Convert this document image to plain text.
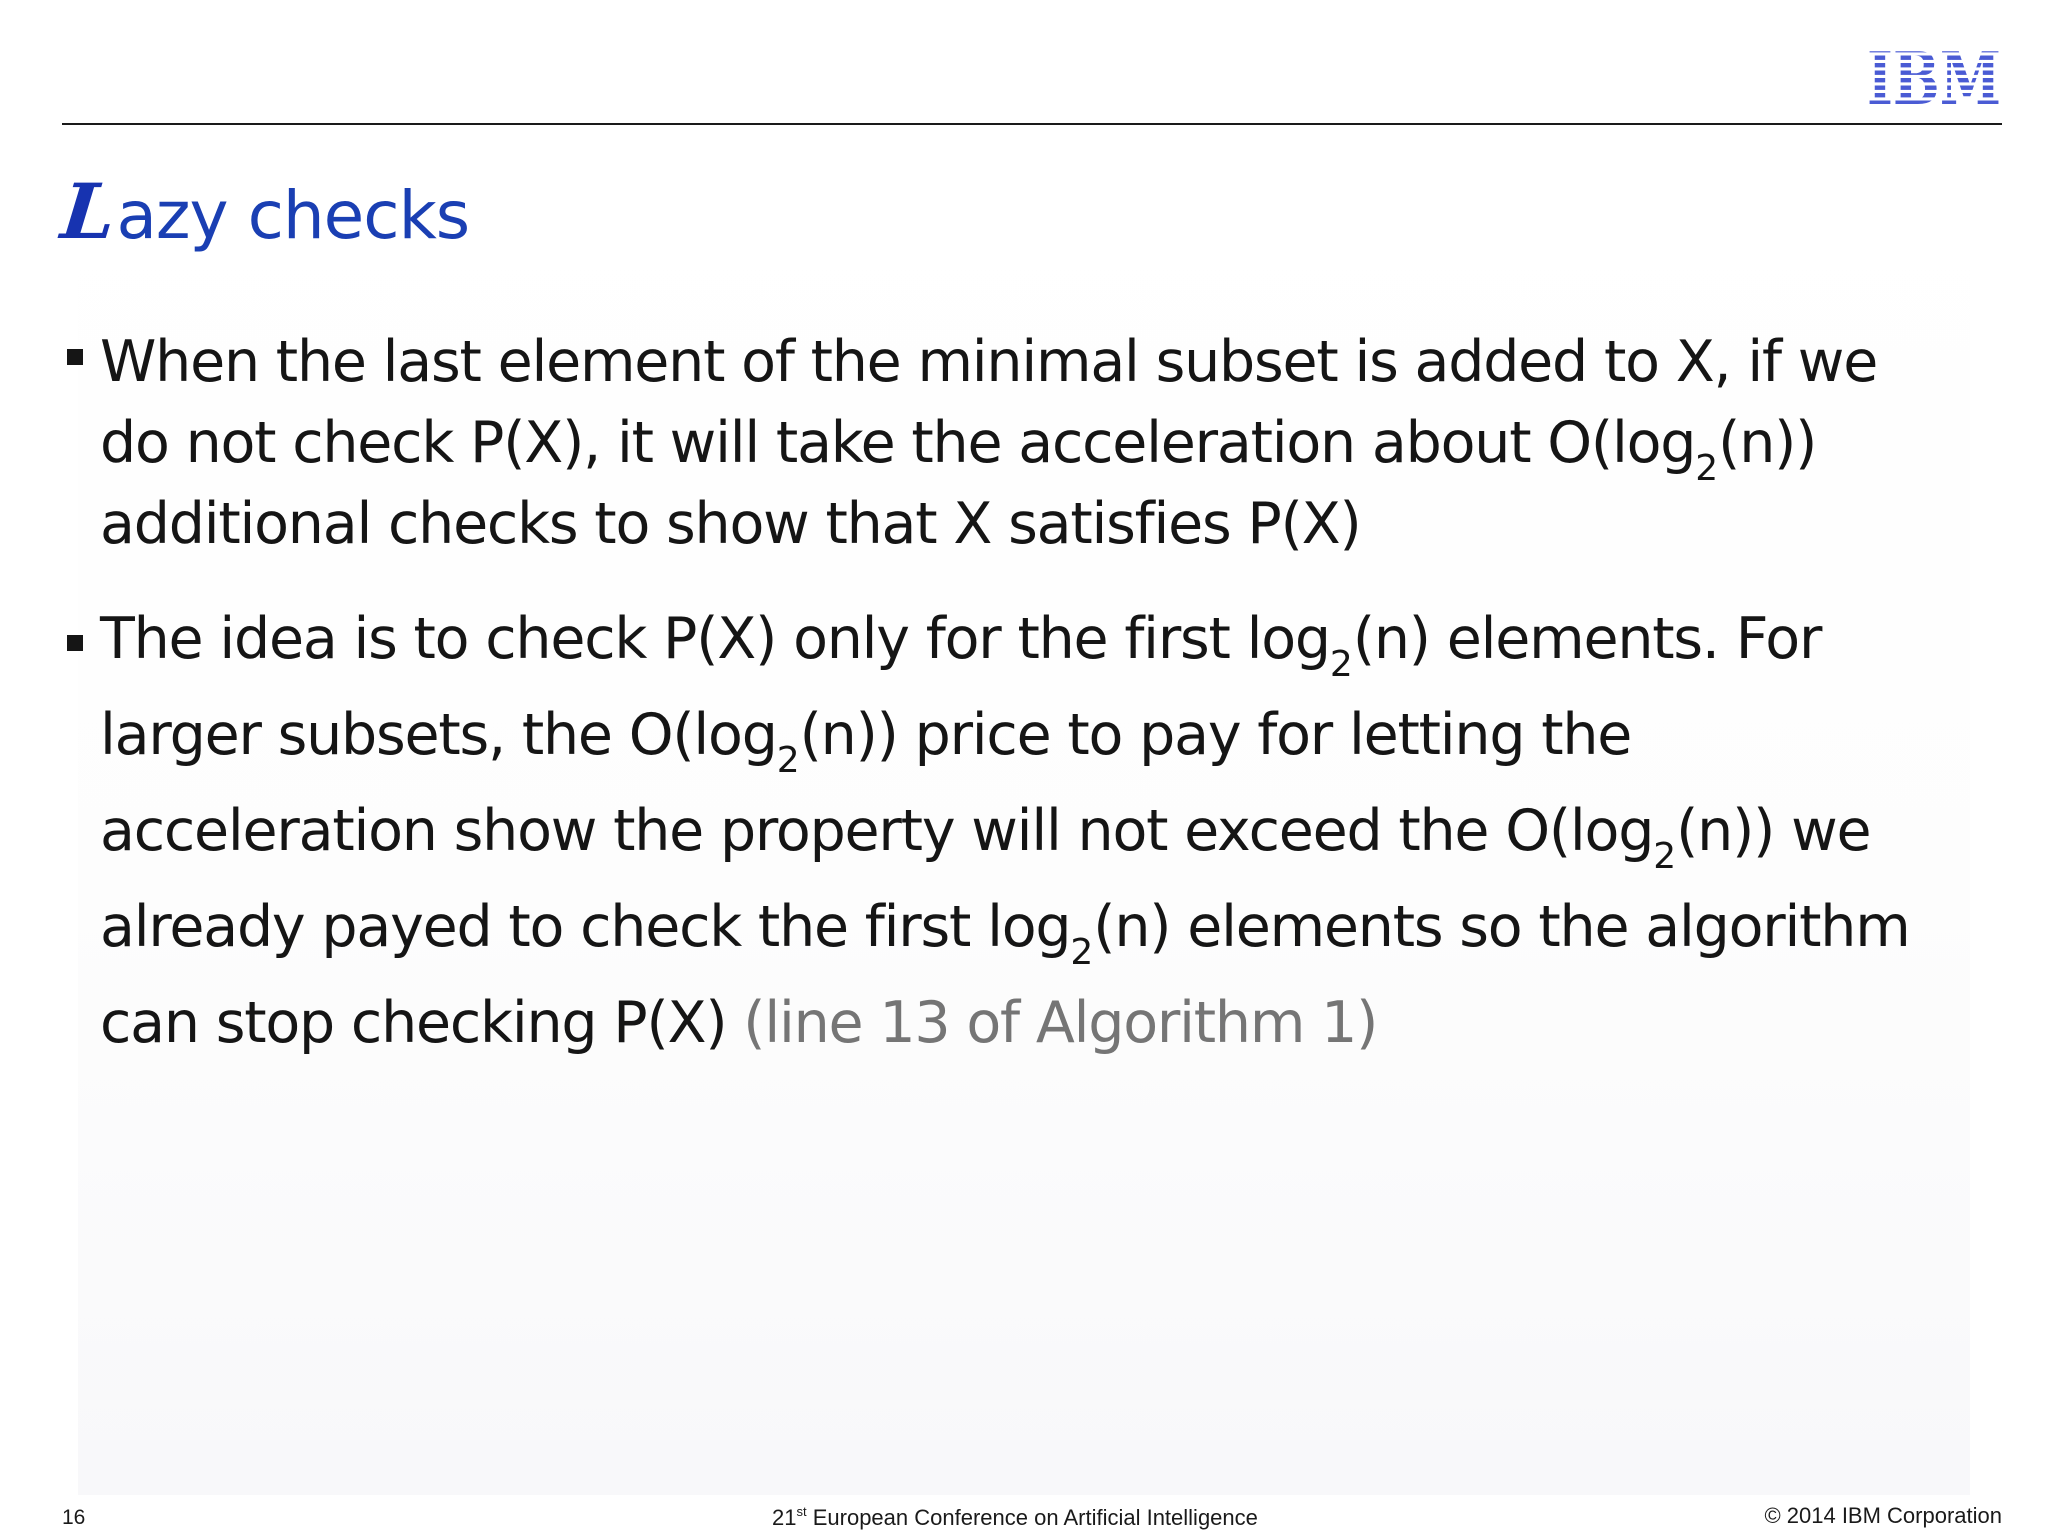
IBM
Lazy checks
When the last element of the minimal subset is added to X, if we
do not check P(X), it will take the acceleration about $O(\log_2(n))$
additional checks to show that X satisfies P(X)
The idea is to check P(X) only for the first $\log_2(n)$ elements. For
larger subsets, the $O(\log_2(n))$ price to pay for letting the
acceleration show the property will not exceed the $O(\log_2(n))$ we
already payed to check the first $\log_2(n)$ elements so the algorithm
can stop checking P(X) (line 13 of Algorithm 1)
16	21st European Conference on Artificial Intelligence	© 2014 IBM Corporation
